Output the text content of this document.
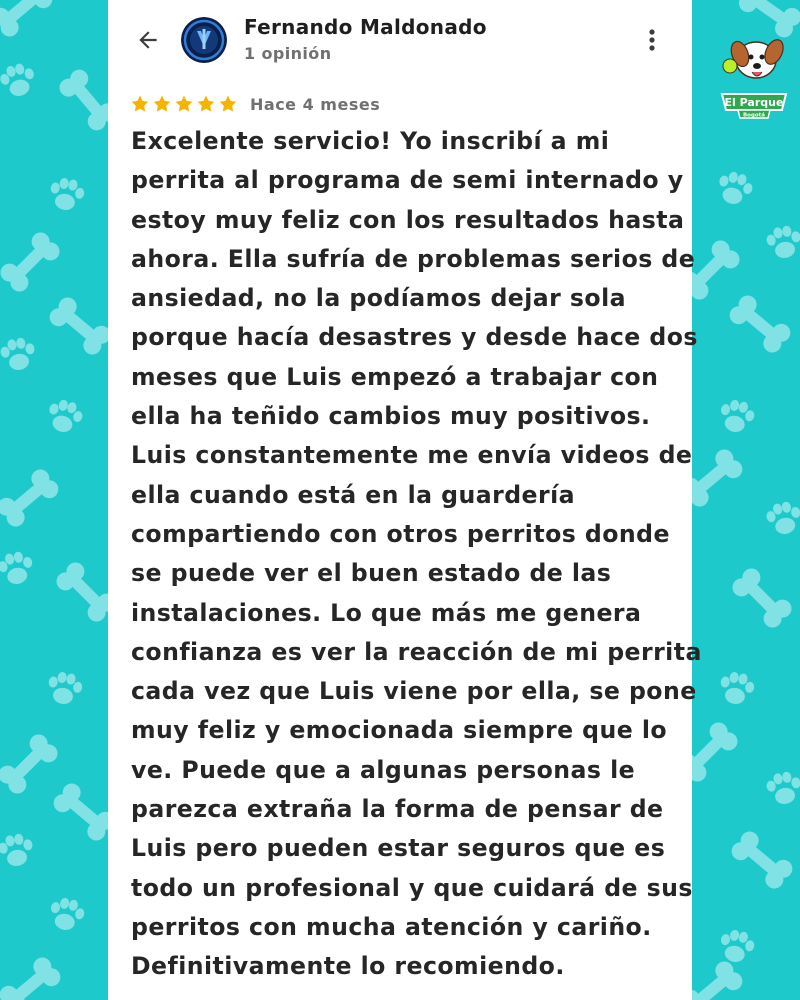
El Parque
Bogotá
Fernando Maldonado
1 opinión
Hace 4 meses
Excelente servicio! Yo inscribí a mi
perrita al programa de semi internado y
estoy muy feliz con los resultados hasta
ahora. Ella sufría de problemas serios de
ansiedad, no la podíamos dejar sola
porque hacía desastres y desde hace dos
meses que Luis empezó a trabajar con
ella ha teñido cambios muy positivos.
Luis constantemente me envía videos de
ella cuando está en la guardería
compartiendo con otros perritos donde
se puede ver el buen estado de las
instalaciones. Lo que más me genera
confianza es ver la reacción de mi perrita
cada vez que Luis viene por ella, se pone
muy feliz y emocionada siempre que lo
ve. Puede que a algunas personas le
parezca extraña la forma de pensar de
Luis pero pueden estar seguros que es
todo un profesional y que cuidará de sus
perritos con mucha atención y cariño.
Definitivamente lo recomiendo.
